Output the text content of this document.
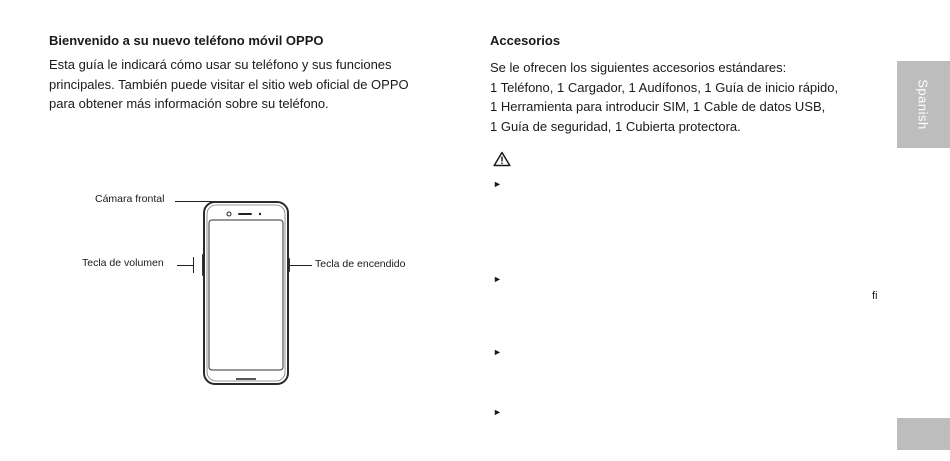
Bienvenido a su nuevo teléfono móvil OPPO
Esta guía le indicará cómo usar su teléfono y sus funciones
principales. También puede visitar el sitio web oficial de OPPO
para obtener más información sobre su teléfono.
Cámara frontal
Tecla de volumen	Tecla de encendido
Accesorios
Se le ofrecen los siguientes accesorios estándares:
1 Teléfono, 1 Cargador, 1 Audífonos, 1 Guía de inicio rápido,
1 Herramienta para introducir SIM, 1 Cable de datos USB,
1 Guía de seguridad, 1 Cubierta protectora.
►
►
►
►
ﬁ
Spanish
